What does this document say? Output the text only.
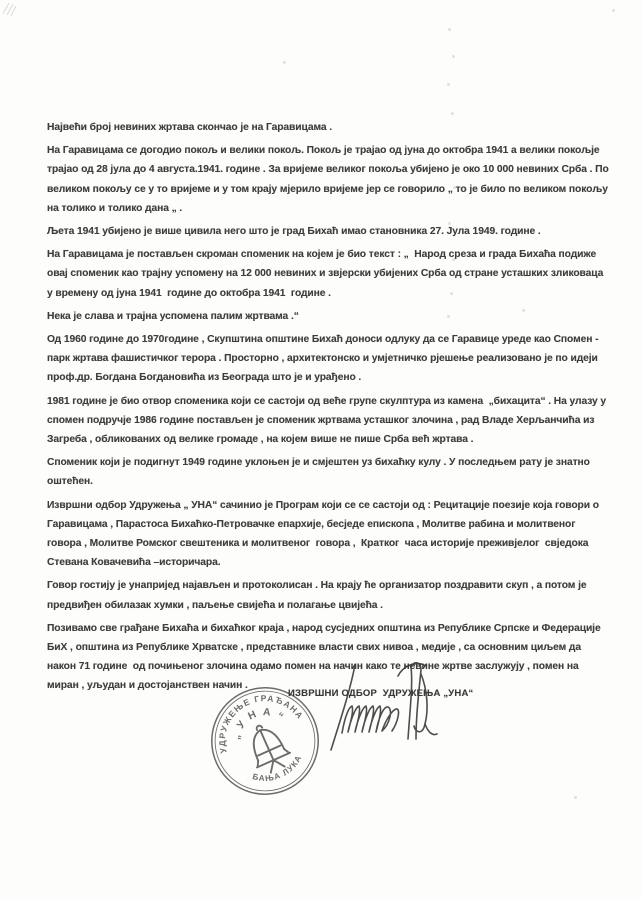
Највећи број невиних жртава скончао је на Гаравицама .

На Гаравицама се догодио покољ и велики покољ. Покољ је трајао од јуна до октобра 1941 а велики покољје трајао од 28 јула до 4 августа.1941. године . За вријеме великог покоља убијено је око 10 000 невиних Срба . По великом покољу се у то вријеме и у том крају мјерило вријеме јер се говорило „ то је било по великом покољу на толико и толико дана „ .

Љета 1941 убијено је више цивила него што је град Бихаћ имао становника 27. Јула 1949. године .

На Гаравицама је постављен скроман споменик на којем је био текст : „  Народ среза и града Бихаћа подиже овај споменик као трајну успомену на 12 000 невиних и звјерски убијених Срба од стране усташких зликоваца у времену од јуна 1941  године до октобра 1941  године .

Нека је слава и трајна успомена палим жртвама .“

Од 1960 године до 1970године , Скупштина општине Бихаћ доноси одлуку да се Гаравице уреде као Спомен - парк жртава фашистичког терора . Просторно , архитектонско и умјетничко рјешење реализовано је по идеји проф.др. Богдана Богдановића из Београда што је и урађено .

1981 године је био отвор споменика који се састоји од веће групе скулптура из камена  „бихацита“ . На улазу у спомен подручје 1986 године постављен је споменик жртвама усташког злочина , рад Владе Херљанчића из Загреба , обликованих од велике громаде , на којем више не пише Срба већ жртава .

Споменик који је подигнут 1949 године уклоњен је и смјештен уз бихаћку кулу . У последњем рату је знатно оштећен.

Извршни одбор Удружења „ УНА“ сачинио је Програм који се се састоји од : Рецитације поезије која говори о Гаравицама , Парастоса Бихаћко-Петровачке епархије, бесједе епископа , Молитве рабина и молитвеног говора , Молитве Ромског свештеника и молитвеног  говора ,  Кратког  часа историје преживјелог  свједока Стевана Ковачевића –историчара.

Говор гостију је унапријед најављен и протоколисан . На крају ће организатор поздравити скуп , а потом је предвиђен обилазак хумки , паљење свијећа и полагање цвијећа .

Позивамо све грађане Бихаћа и бихаћког краја , народ сусједних општина из Републике Српске и Федерације БиХ , општина из Републике Хрватске , представнике власти свих нивоа , медије , са основним циљем да након 71 године  од почињеног злочина одамо помен на начин како те невине жртве заслужују , помен на миран , уљудан и достојанствен начин .

УДРУЖЕЊЕ ГРАЂАНА
БАЊА ЛУКА
„ У Н А “
ИЗВРШНИ ОДБОР  УДРУЖЕЊА „УНА“
